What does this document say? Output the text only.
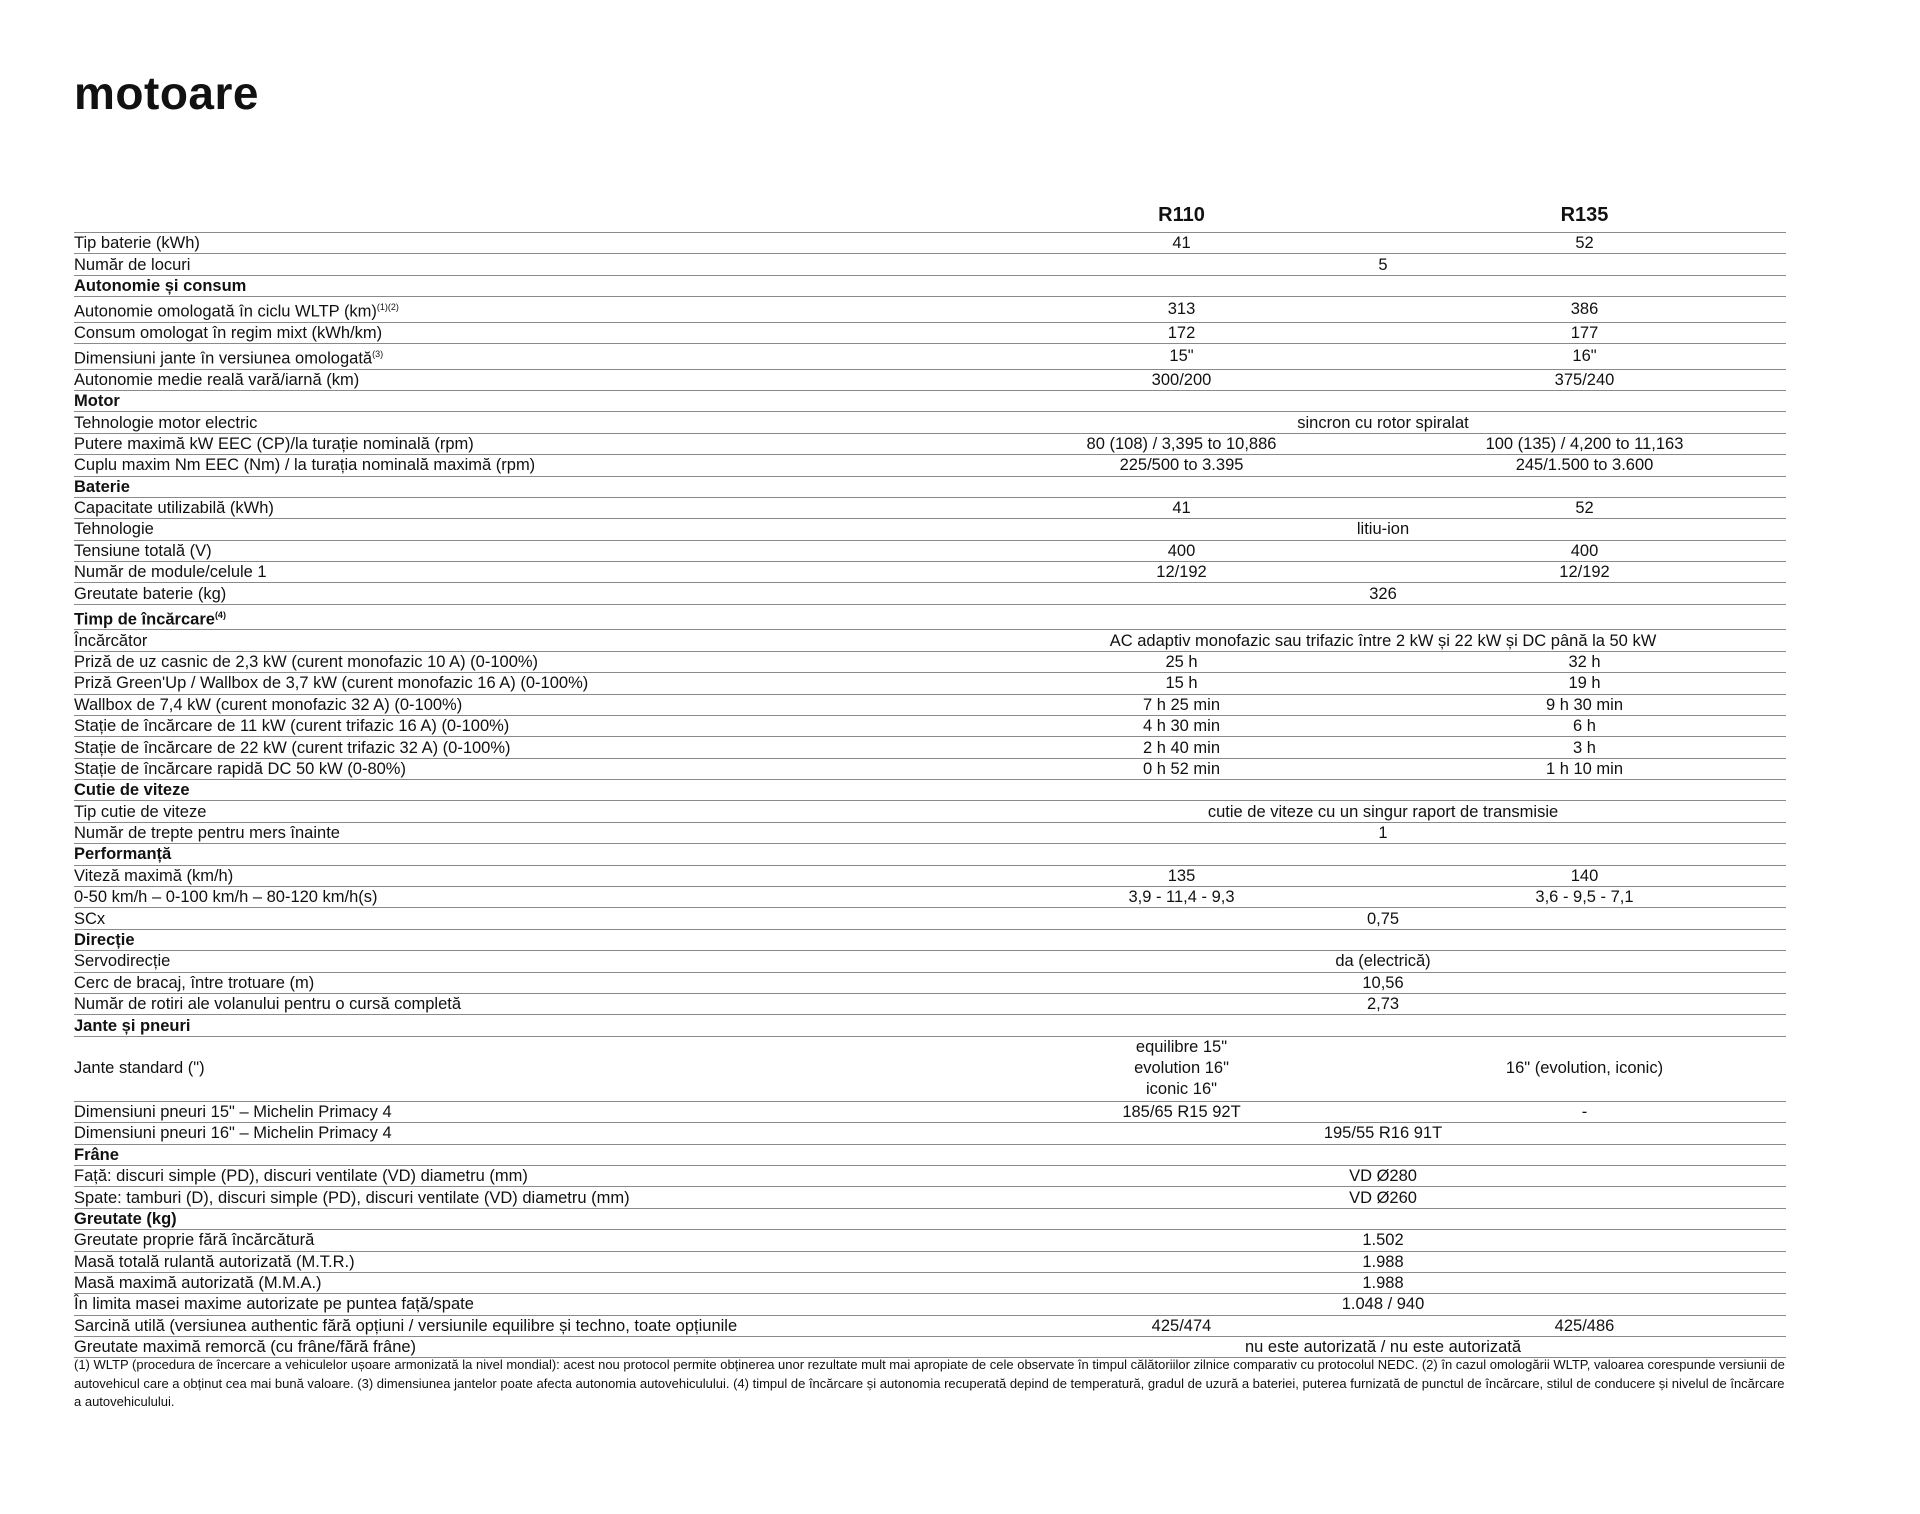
motoare
	R110	R135
Tip baterie (kWh)	41	52
Număr de locuri	5	
Autonomie și consum		
Autonomie omologată în ciclu WLTP (km)$^{(1)(2)}$	313	386
Consum omologat în regim mixt (kWh/km)	172	177
Dimensiuni jante în versiunea omologată$^{(3)}$	15"	16"
Autonomie medie reală vară/iarnă (km)	300/200	375/240
Motor		
Tehnologie motor electric	sincron cu rotor spiralat	
Putere maximă kW EEC (CP)/la turație nominală (rpm)	80 (108) / 3,395 to 10,886	100 (135) / 4,200 to 11,163
Cuplu maxim Nm EEC (Nm) / la turația nominală maximă (rpm)	225/500 to 3.395	245/1.500 to 3.600
Baterie		
Capacitate utilizabilă (kWh)	41	52
Tehnologie	litiu-ion	
Tensiune totală (V)	400	400
Număr de module/celule 1	12/192	12/192
Greutate baterie (kg)	326	
Timp de încărcare$^{(4)}$	
Încărcător	AC adaptiv monofazic sau trifazic între 2 kW și 22 kW și DC până la 50 kW	
Priză de uz casnic de 2,3 kW (curent monofazic 10 A) (0-100%)	25 h	32 h
Priză Green'Up / Wallbox de 3,7 kW (curent monofazic 16 A) (0-100%)	15 h	19 h
Wallbox de 7,4 kW (curent monofazic 32 A) (0-100%)	7 h 25 min	9 h 30 min
Stație de încărcare de 11 kW (curent trifazic 16 A) (0-100%)	4 h 30 min	6 h
Stație de încărcare de 22 kW (curent trifazic 32 A) (0-100%)	2 h 40 min	3 h
Stație de încărcare rapidă DC 50 kW (0-80%)	0 h 52 min	1 h 10 min
Cutie de viteze		
Tip cutie de viteze	cutie de viteze cu un singur raport de transmisie	
Număr de trepte pentru mers înainte	1	
Performanță		
Viteză maximă (km/h)	135	140
0-50 km/h – 0-100 km/h – 80-120 km/h(s)	3,9 - 11,4 - 9,3	3,6 - 9,5 - 7,1
SCx	0,75	
Direcție		
Servodirecție	da (electrică)	
Cerc de bracaj, între trotuare (m)	10,56	
Număr de rotiri ale volanului pentru o cursă completă	2,73	
Jante și pneuri		
Jante standard (")	equilibre 15"
evolution 16"
iconic 16"	16" (evolution, iconic)
Dimensiuni pneuri 15" – Michelin Primacy 4	185/65 R15 92T	-
Dimensiuni pneuri 16" – Michelin Primacy 4	195/55 R16 91T	
Frâne		
Față: discuri simple (PD), discuri ventilate (VD) diametru (mm)	VD Ø280	
Spate: tamburi (D), discuri simple (PD), discuri ventilate (VD) diametru (mm)	VD Ø260	
Greutate (kg)		
Greutate proprie fără încărcătură	1.502	
Masă totală rulantă autorizată (M.T.R.)	1.988	
Masă maximă autorizată (M.M.A.)	1.988	
În limita masei maxime autorizate pe puntea față/spate	1.048 / 940	
Sarcină utilă (versiunea authentic fără opțiuni / versiunile equilibre și techno, toate opțiunile	425/474	425/486
Greutate maximă remorcă (cu frâne/fără frâne)	nu este autorizată / nu este autorizată	

(1) WLTP (procedura de încercare a vehiculelor ușoare armonizată la nivel mondial): acest nou protocol permite obținerea unor rezultate mult mai apropiate de cele observate în timpul călătoriilor zilnice comparativ cu protocolul NEDC. (2) în cazul omologării WLTP, valoarea corespunde versiunii de autovehicul care a obținut cea mai bună valoare. (3) dimensiunea jantelor poate afecta autonomia autovehiculului. (4) timpul de încărcare și autonomia recuperată depind de temperatură, gradul de uzură a bateriei, puterea furnizată de punctul de încărcare, stilul de conducere și nivelul de încărcare a autovehiculului.
